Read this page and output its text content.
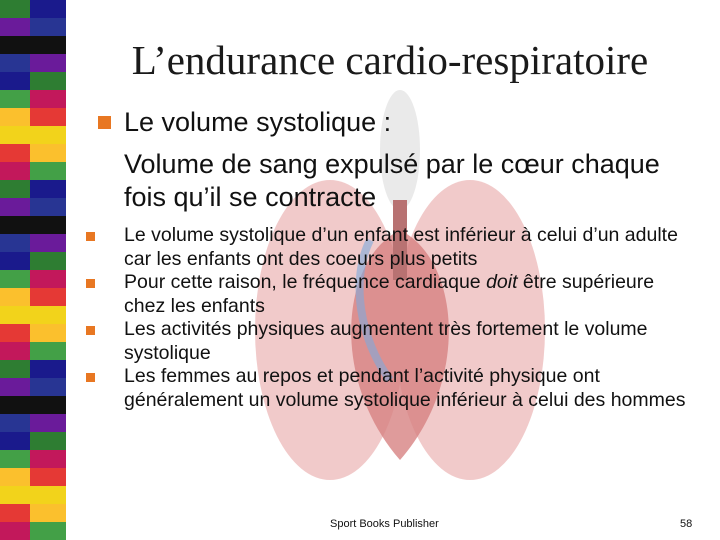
L’endurance cardio-respiratoire
Le volume systolique :
Volume de sang expulsé par le cœur chaque fois qu’il se contracte
Le volume systolique d’un enfant est inférieur à celui d’un adulte car les enfants ont des coeurs plus petits
Pour cette raison, le fréquence cardiaque doit être supérieure chez les enfants
Les activités physiques augmentent très fortement le volume systolique
Les femmes au repos et pendant l’activité physique ont généralement un volume systolique inférieur à celui des hommes
Sport Books Publisher	58
